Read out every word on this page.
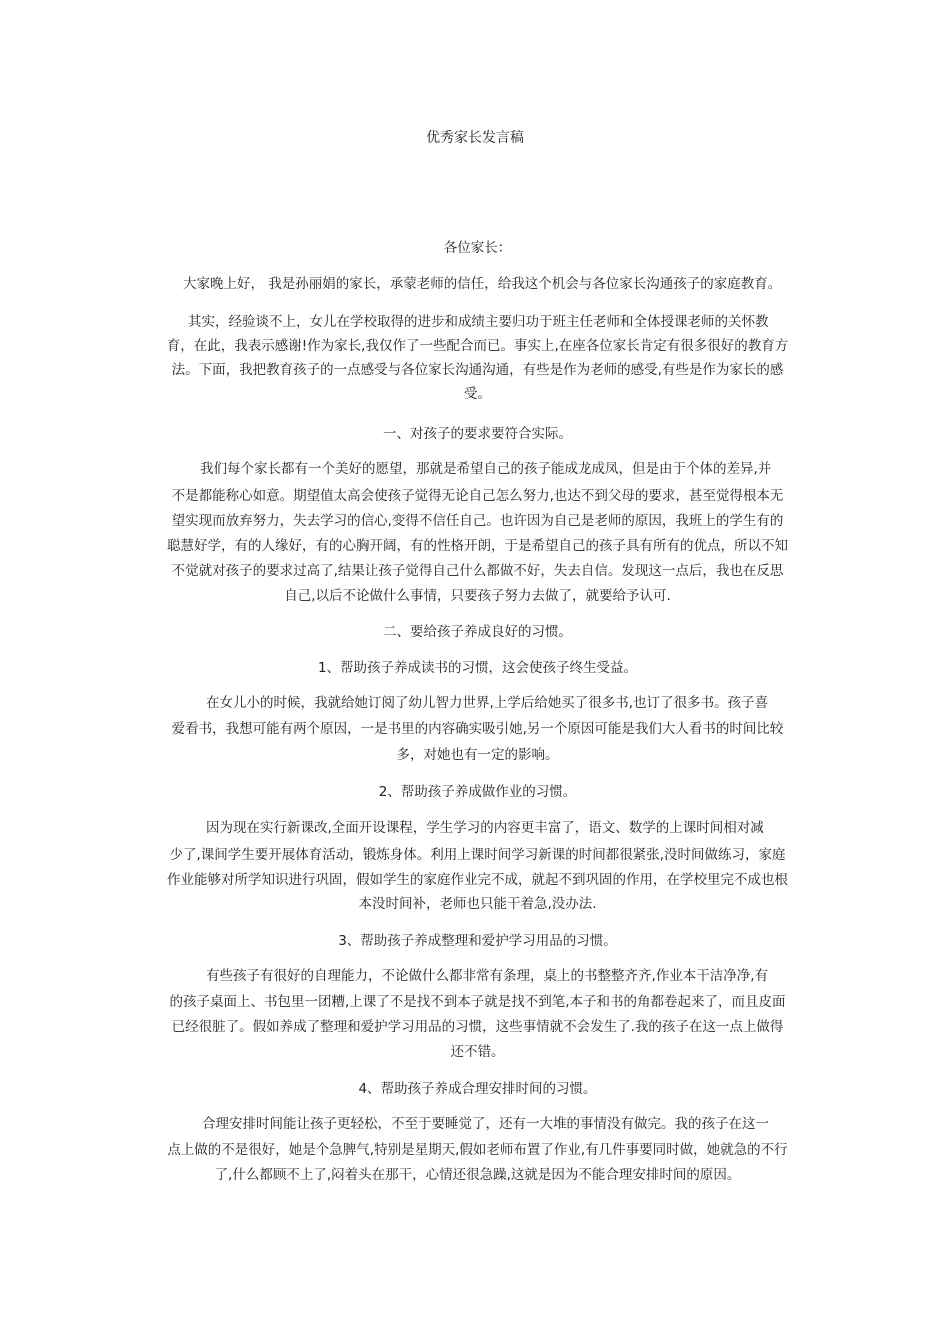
优秀家长发言稿
各位家长：
大家晚上好， 我是孙丽娟的家长，承蒙老师的信任，给我这个机会与各位家长沟通孩子的家庭教育。
其实，经验谈不上，女儿在学校取得的进步和成绩主要归功于班主任老师和全体授课老师的关怀教
育，在此，我表示感谢!作为家长,我仅作了一些配合而已。事实上,在座各位家长肯定有很多很好的教育方
法。下面，我把教育孩子的一点感受与各位家长沟通沟通，有些是作为老师的感受,有些是作为家长的感
受。
一、对孩子的要求要符合实际。
我们每个家长都有一个美好的愿望，那就是希望自己的孩子能成龙成凤，但是由于个体的差异,并
不是都能称心如意。期望值太高会使孩子觉得无论自己怎么努力,也达不到父母的要求，甚至觉得根本无
望实现而放弃努力，失去学习的信心,变得不信任自己。也许因为自己是老师的原因，我班上的学生有的
聪慧好学，有的人缘好，有的心胸开阔，有的性格开朗，于是希望自己的孩子具有所有的优点，所以不知
不觉就对孩子的要求过高了,结果让孩子觉得自己什么都做不好，失去自信。发现这一点后，我也在反思
自己,以后不论做什么事情，只要孩子努力去做了，就要给予认可.
二、要给孩子养成良好的习惯。
1、帮助孩子养成读书的习惯，这会使孩子终生受益。
在女儿小的时候，我就给她订阅了幼儿智力世界,上学后给她买了很多书,也订了很多书。孩子喜
爱看书，我想可能有两个原因，一是书里的内容确实吸引她,另一个原因可能是我们大人看书的时间比较
多，对她也有一定的影响。
2、帮助孩子养成做作业的习惯。
因为现在实行新课改,全面开设课程，学生学习的内容更丰富了，语文、数学的上课时间相对减
少了,课间学生要开展体育活动，锻炼身体。利用上课时间学习新课的时间都很紧张,没时间做练习，家庭
作业能够对所学知识进行巩固，假如学生的家庭作业完不成，就起不到巩固的作用，在学校里完不成也根
本没时间补，老师也只能干着急,没办法.
3、帮助孩子养成整理和爱护学习用品的习惯。
有些孩子有很好的自理能力，不论做什么都非常有条理，桌上的书整整齐齐,作业本干洁净净,有
的孩子桌面上、书包里一团糟,上课了不是找不到本子就是找不到笔,本子和书的角都卷起来了，而且皮面
已经很脏了。假如养成了整理和爱护学习用品的习惯，这些事情就不会发生了.我的孩子在这一点上做得
还不错。
4、帮助孩子养成合理安排时间的习惯。
合理安排时间能让孩子更轻松，不至于要睡觉了，还有一大堆的事情没有做完。我的孩子在这一
点上做的不是很好，她是个急脾气,特别是星期天,假如老师布置了作业,有几件事要同时做，她就急的不行
了,什么都顾不上了,闷着头在那干，心情还很急躁,这就是因为不能合理安排时间的原因。
